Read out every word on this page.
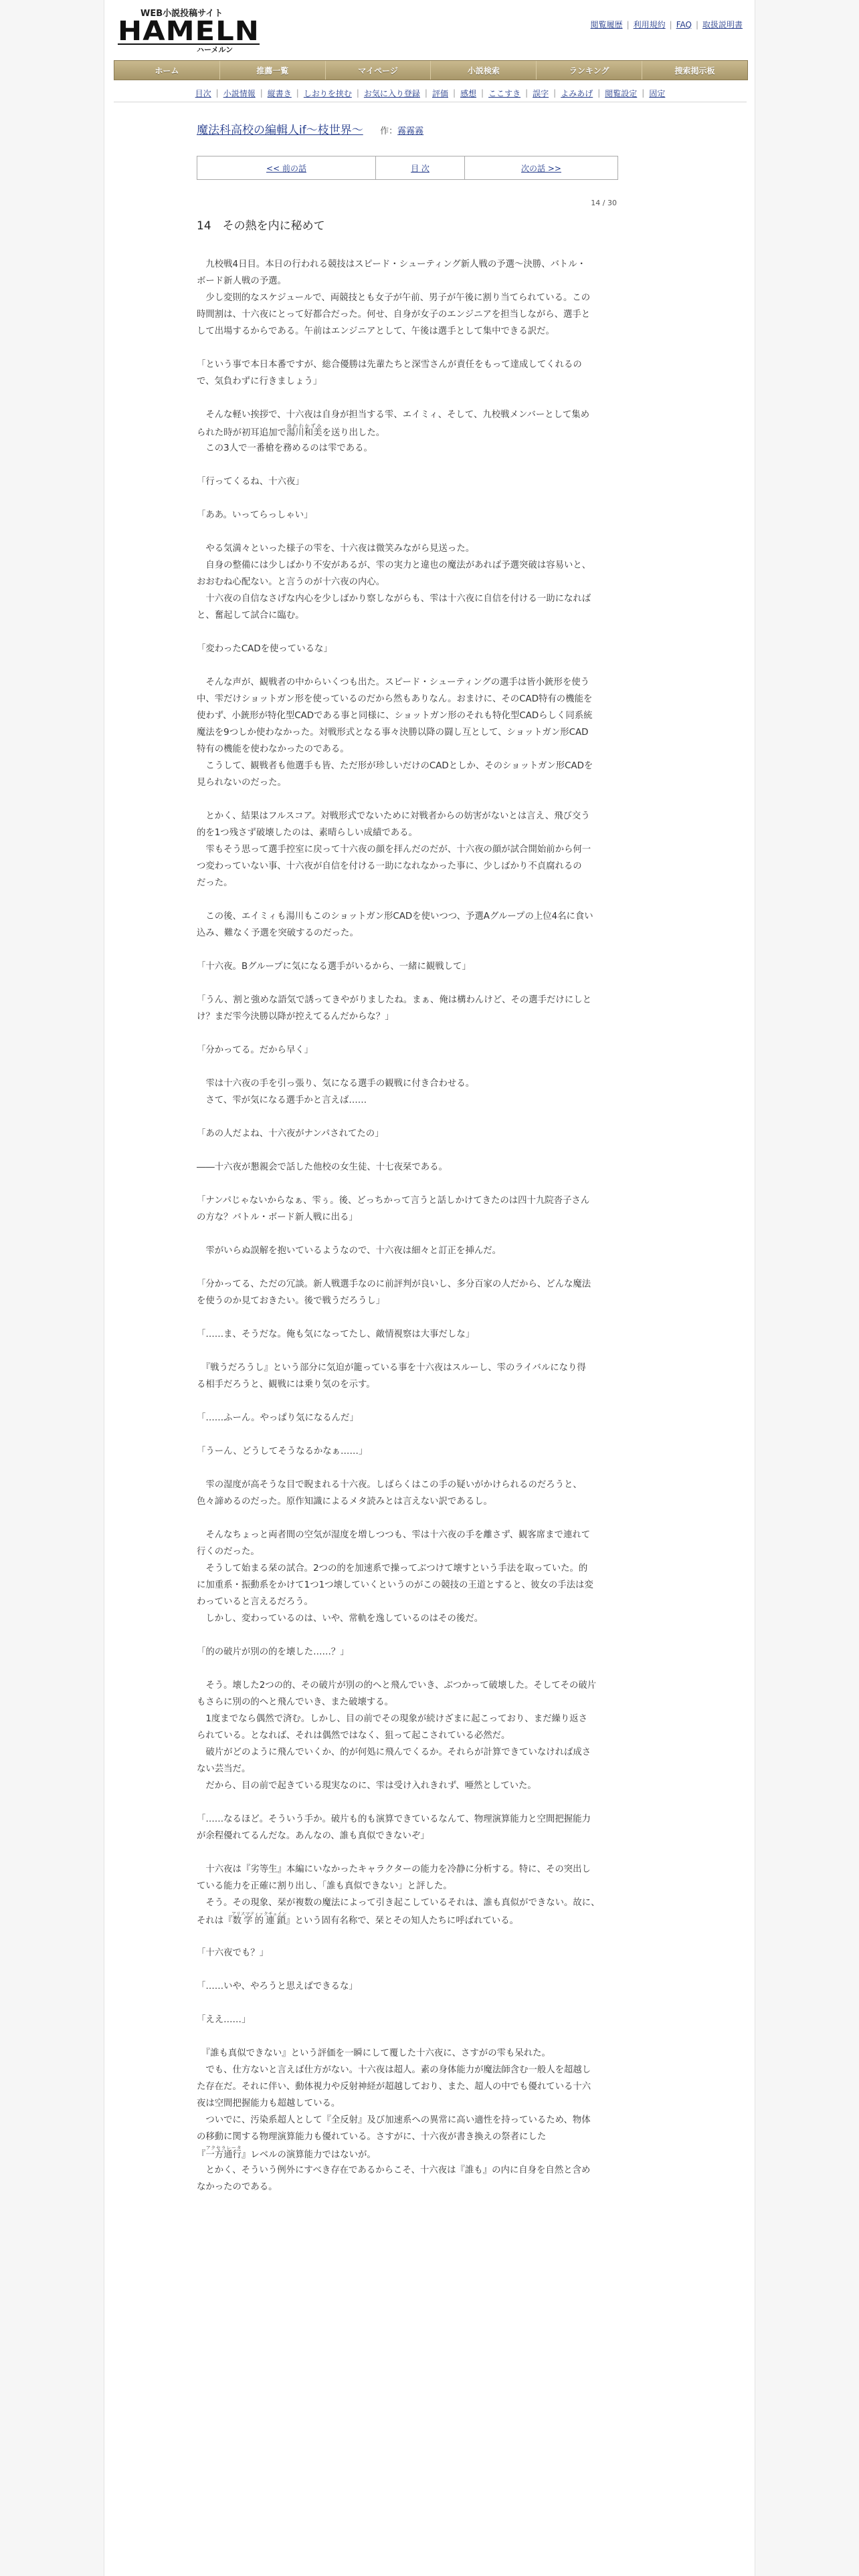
WEB小説投稿サイト
HAMELN
ハーメルン
閲覧履歴 | 利用規約 | FAQ | 取扱説明書
ホーム	推薦一覧	マイページ	小説検索	ランキング	捜索掲示板
目次 | 小説情報 | 縦書き | しおりを挟む | お気に入り登録 | 評価 | 感想 | ここすき | 誤字 | よみあげ | 閲覧設定 | 固定
魔法科高校の編輯人if～枝世界～ 作：霧霧霧
<< 前の話	目 次	次の話 >>
14 / 30
14　その熱を内に秘めて
　九校戦4日目。本日の行われる競技はスピード・シューティング新人戦の予選〜決勝、バトル・
ボード新人戦の予選。
　少し変則的なスケジュールで、両競技とも女子が午前、男子が午後に割り当てられている。この
時間割は、十六夜にとって好都合だった。何せ、自身が女子のエンジニアを担当しながら、選手と
して出場するからである。午前はエンジニアとして、午後は選手として集中できる訳だ。

「という事で本日本番ですが、総合優勝は先輩たちと深雪さんが責任をもって達成してくれるの
で、気負わずに行きましょう」

　そんな軽い挨拶で、十六夜は自身が担当する雫、エイミィ、そして、九校戦メンバーとして集め
られた時が初耳追加で湯川和美ゆかわかずみを送り出した。
　この3人で一番槍を務めるのは雫である。

「行ってくるね、十六夜」

「ああ。いってらっしゃい」

　やる気満々といった様子の雫を、十六夜は微笑みながら見送った。
　自身の整備には少しばかり不安があるが、雫の実力と違也の魔法があれば予選突破は容易いと、
おおむね心配ない。と言うのが十六夜の内心。
　十六夜の自信なさげな内心を少しばかり察しながらも、雫は十六夜に自信を付ける一助になれば
と、奮起して試合に臨む。

「変わったCADを使っているな」

　そんな声が、観戦者の中からいくつも出た。スピード・シューティングの選手は皆小銃形を使う
中、雫だけショットガン形を使っているのだから然もありなん。おまけに、そのCAD特有の機能を
使わず、小銃形が特化型CADである事と同様に、ショットガン形のそれも特化型CADらしく同系統
魔法を9つしか使わなかった。対戦形式となる事々決勝以降の闘し互として、ショットガン形CAD
特有の機能を使わなかったのである。
　こうして、観戦者も他選手も皆、ただ形が珍しいだけのCADとしか、そのショットガン形CADを
見られないのだった。

　とかく、結果はフルスコア。対戦形式でないために対戦者からの妨害がないとは言え、飛び交う
的を1つ残さず破壊したのは、素晴らしい成績である。
　雫もそう思って選手控室に戻って十六夜の顔を拝んだのだが、十六夜の顔が試合開始前から何一
つ変わっていない事、十六夜が自信を付ける一助になれなかった事に、少しばかり不貞腐れるの
だった。

　この後、エイミィも湯川もこのショットガン形CADを使いつつ、予選Aグループの上位4名に食い
込み、難なく予選を突破するのだった。

「十六夜。Bグループに気になる選手がいるから、一緒に観戦して」

「うん、割と強めな語気で誘ってきやがりましたね。まぁ、俺は構わんけど、その選手だけにしと
け？まだ雫今決勝以降が控えてるんだからな？」

「分かってる。だから早く」

　雫は十六夜の手を引っ張り、気になる選手の観戦に付き合わせる。
　さて、雫が気になる選手かと言えば……

「あの人だよね、十六夜がナンパされてたの」

――十六夜が懇親会で話した他校の女生徒、十七夜栞である。

「ナンパじゃないからなぁ、雫ぅ。後、どっちかって言うと話しかけてきたのは四十九院沓子さん
の方な？バトル・ボード新人戦に出る」

　雫がいらぬ誤解を抱いているようなので、十六夜は細々と訂正を挿んだ。

「分かってる、ただの冗談。新人戦選手なのに前評判が良いし、多分百家の人だから、どんな魔法
を使うのか見ておきたい。後で戦うだろうし」

「……ま、そうだな。俺も気になってたし、敵情視察は大事だしな」

　『戦うだろうし』という部分に気迫が籠っている事を十六夜はスルーし、雫のライバルになり得
る相手だろうと、観戦には乗り気のを示す。

「……ふーん。やっぱり気になるんだ」

「うーん、どうしてそうなるかなぁ……」

　雫の湿度が高そうな目で睨まれる十六夜。しばらくはこの手の疑いがかけられるのだろうと、
色々諦めるのだった。原作知識によるメタ読みとは言えない訳であるし。

　そんなちょっと両者間の空気が湿度を増しつつも、雫は十六夜の手を離さず、観客席まで連れて
行くのだった。
　そうして始まる栞の試合。2つの的を加速系で操ってぶつけて壊すという手法を取っていた。的
に加重系・振動系をかけて1つ1つ壊していくというのがこの競技の王道とすると、彼女の手法は変
わっていると言えるだろう。
　しかし、変わっているのは、いや、常軌を逸しているのはその後だ。

「的の破片が別の的を壊した……？」

　そう。壊した2つの的、その破片が別の的へと飛んでいき、ぶつかって破壊した。そしてその破片
もさらに別の的へと飛んでいき、また破壊する。
　1度までなら偶然で済む。しかし、目の前でその現象が続けざまに起こっており、まだ繰り返さ
られている。となれば、それは偶然ではなく、狙って起こされている必然だ。
　破片がどのように飛んでいくか、的が何処に飛んでくるか。それらが計算できていなければ成さ
ない芸当だ。
　だから、目の前で起きている現実なのに、雫は受け入れきれず、唖然としていた。

「……なるほど。そういう手か。破片も的も演算できているなんて、物理演算能力と空間把握能力
が余程優れてるんだな。あんなの、誰も真似できないぞ」

　十六夜は『劣等生』本編にいなかったキャラクターの能力を冷静に分析する。特に、その突出し
ている能力を正確に割り出し、「誰も真似できない」と評した。
　そう。その現象、栞が複数の魔法によって引き起こしているそれは、誰も真似ができない。故に、
それは『数学的連鎖アリスマティックチェイン』という固有名称で、栞とその知人たちに呼ばれている。

「十六夜でも？」

「……いや、やろうと思えばできるな」

「ええ……」

　『誰も真似できない』という評価を一瞬にして覆した十六夜に、さすがの雫も呆れた。
　でも、仕方ないと言えば仕方がない。十六夜は超人。素の身体能力が魔法師含む一般人を超越し
た存在だ。それに伴い、動体視力や反射神経が超越しており、また、超人の中でも優れている十六
夜は空間把握能力も超越している。
　ついでに、汚染系超人として『全反射』及び加速系への異常に高い適性を持っているため、物体
の移動に関する物理演算能力も優れている。さすがに、十六夜が書き換えの祭者にした
『一方通行アクセラレータ』レベルの演算能力ではないが。
　とかく、そういう例外にすべき存在であるからこそ、十六夜は『誰も』の内に自身を自然と含め
なかったのである。
